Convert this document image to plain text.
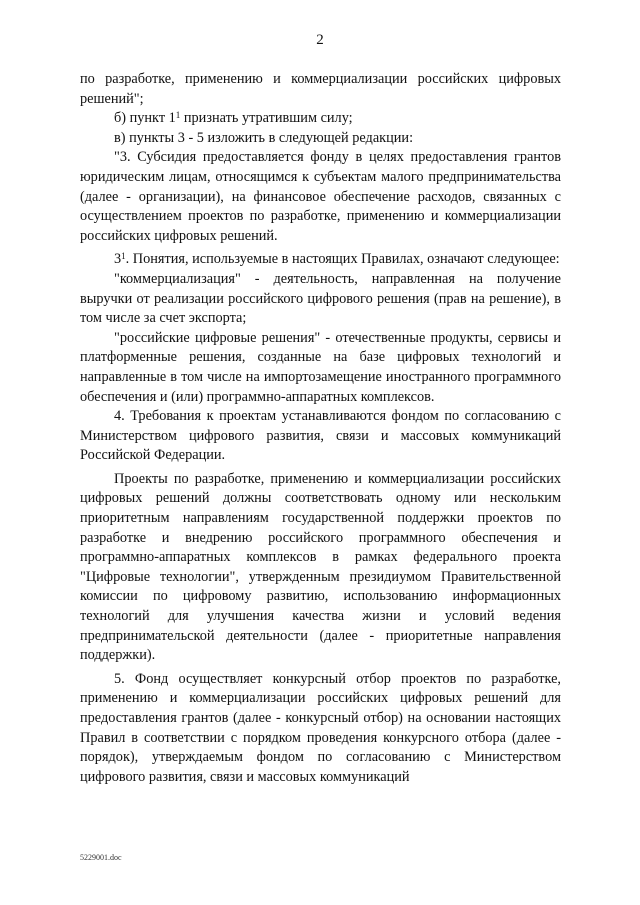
2

по разработке, применению и коммерциализации российских цифровых решений";

б) пункт $1^1$ признать утратившим силу;

в) пункты 3 - 5 изложить в следующей редакции:

"3. Субсидия предоставляется фонду в целях предоставления грантов юридическим лицам, относящимся к субъектам малого предпринимательства (далее - организации), на финансовое обеспечение расходов, связанных с осуществлением проектов по разработке, применению и коммерциализации российских цифровых решений.

$3^1$. Понятия, используемые в настоящих Правилах, означают следующее:

"коммерциализация" - деятельность, направленная на получение выручки от реализации российского цифрового решения (прав на решение), в том числе за счет экспорта;

"российские цифровые решения" - отечественные продукты, сервисы и платформенные решения, созданные на базе цифровых технологий и направленные в том числе на импортозамещение иностранного программного обеспечения и (или) программно-аппаратных комплексов.

4. Требования к проектам устанавливаются фондом по согласованию с Министерством цифрового развития, связи и массовых коммуникаций Российской Федерации.

Проекты по разработке, применению и коммерциализации российских цифровых решений должны соответствовать одному или нескольким приоритетным направлениям государственной поддержки проектов по разработке и внедрению российского программного обеспечения и программно-аппаратных комплексов в рамках федерального проекта "Цифровые технологии", утвержденным президиумом Правительственной комиссии по цифровому развитию, использованию информационных технологий для улучшения качества жизни и условий ведения предпринимательской деятельности (далее - приоритетные направления поддержки).

5. Фонд осуществляет конкурсный отбор проектов по разработке, применению и коммерциализации российских цифровых решений для предоставления грантов (далее - конкурсный отбор) на основании настоящих Правил в соответствии с порядком проведения конкурсного отбора (далее - порядок), утверждаемым фондом по согласованию с Министерством цифрового развития, связи и массовых коммуникаций

5229001.doc
